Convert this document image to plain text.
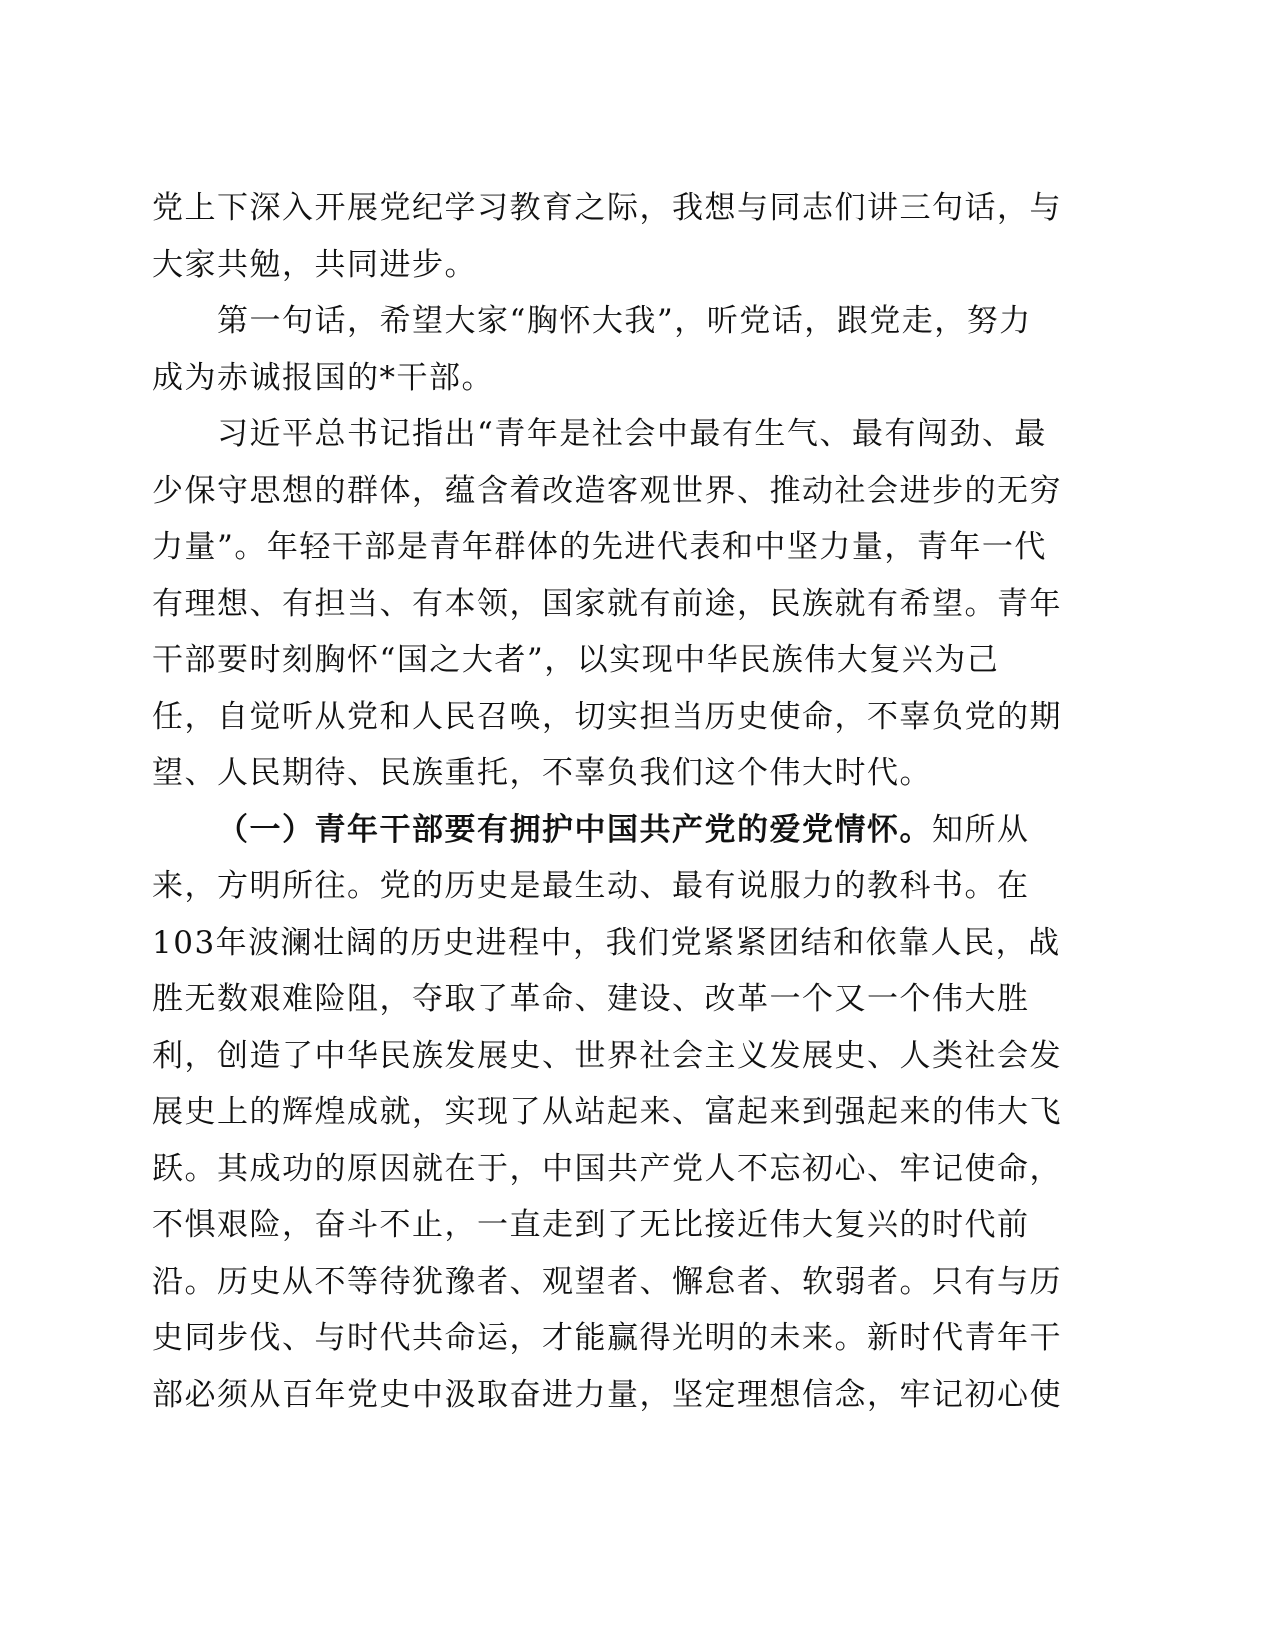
党上下深入开展党纪学习教育之际，我想与同志们讲三句话，与
大家共勉，共同进步。
第一句话，希望大家“胸怀大我”，听党话，跟党走，努力
成为赤诚报国的*干部。
习近平总书记指出“青年是社会中最有生气、最有闯劲、最
少保守思想的群体，蕴含着改造客观世界、推动社会进步的无穷
力量”。年轻干部是青年群体的先进代表和中坚力量，青年一代
有理想、有担当、有本领，国家就有前途，民族就有希望。青年
干部要时刻胸怀“国之大者”，以实现中华民族伟大复兴为己
任，自觉听从党和人民召唤，切实担当历史使命，不辜负党的期
望、人民期待、民族重托，不辜负我们这个伟大时代。
（一）青年干部要有拥护中国共产党的爱党情怀。知所从
来，方明所往。党的历史是最生动、最有说服力的教科书。在
103年波澜壮阔的历史进程中，我们党紧紧团结和依靠人民，战
胜无数艰难险阻，夺取了革命、建设、改革一个又一个伟大胜
利，创造了中华民族发展史、世界社会主义发展史、人类社会发
展史上的辉煌成就，实现了从站起来、富起来到强起来的伟大飞
跃。其成功的原因就在于，中国共产党人不忘初心、牢记使命，
不惧艰险，奋斗不止，一直走到了无比接近伟大复兴的时代前
沿。历史从不等待犹豫者、观望者、懈怠者、软弱者。只有与历
史同步伐、与时代共命运，才能赢得光明的未来。新时代青年干
部必须从百年党史中汲取奋进力量，坚定理想信念，牢记初心使
